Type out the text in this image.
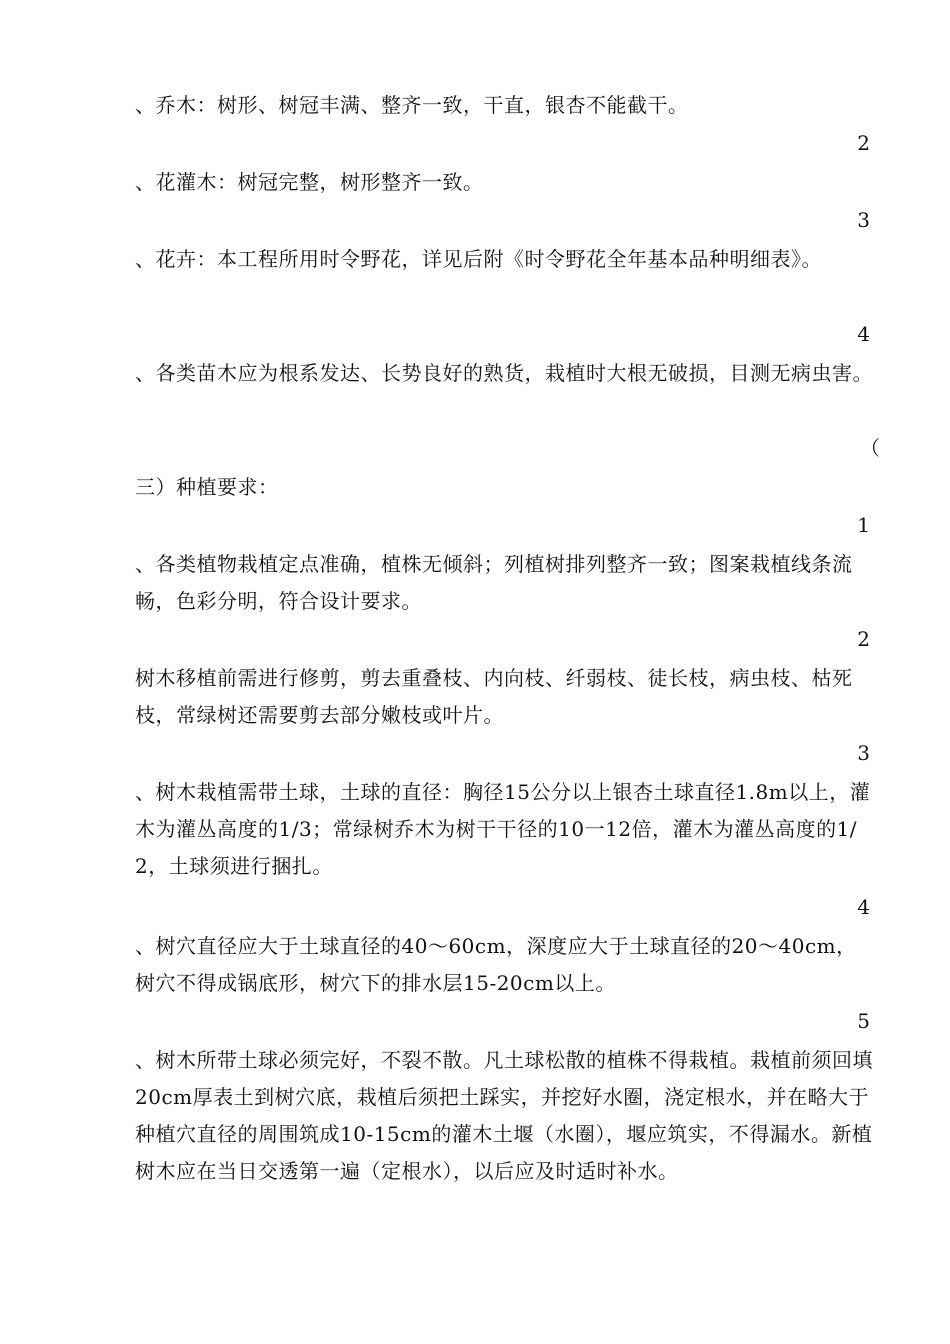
、乔木：树形、树冠丰满、整齐一致，干直，银杏不能截干。
2
、花灌木：树冠完整，树形整齐一致。
3
、花卉：本工程所用时令野花，详见后附《时令野花全年基本品种明细表》。
4
、各类苗木应为根系发达、长势良好的熟货，栽植时大根无破损，目测无病虫害。
（
三）种植要求：
1
、各类植物栽植定点准确，植株无倾斜；列植树排列整齐一致；图案栽植线条流畅，色彩分明，符合设计要求。
2
树木移植前需进行修剪，剪去重叠枝、内向枝、纤弱枝、徒长枝，病虫枝、枯死枝，常绿树还需要剪去部分嫩枝或叶片。
3
、树木栽植需带土球，土球的直径：胸径15公分以上银杏土球直径1.8m以上，灌木为灌丛高度的1/3；常绿树乔木为树干干径的10一12倍，灌木为灌丛高度的1/2，土球须进行捆扎。
4
、树穴直径应大于土球直径的40～60cm，深度应大于土球直径的20～40cm，树穴不得成锅底形，树穴下的排水层15-20cm以上。
5
、树木所带土球必须完好，不裂不散。凡土球松散的植株不得栽植。栽植前须回填20cm厚表土到树穴底，栽植后须把土踩实，并挖好水圈，浇定根水，并在略大于种植穴直径的周围筑成10-15cm的灌木土堰（水圈），堰应筑实，不得漏水。新植树木应在当日交透第一遍（定根水），以后应及时适时补水。
